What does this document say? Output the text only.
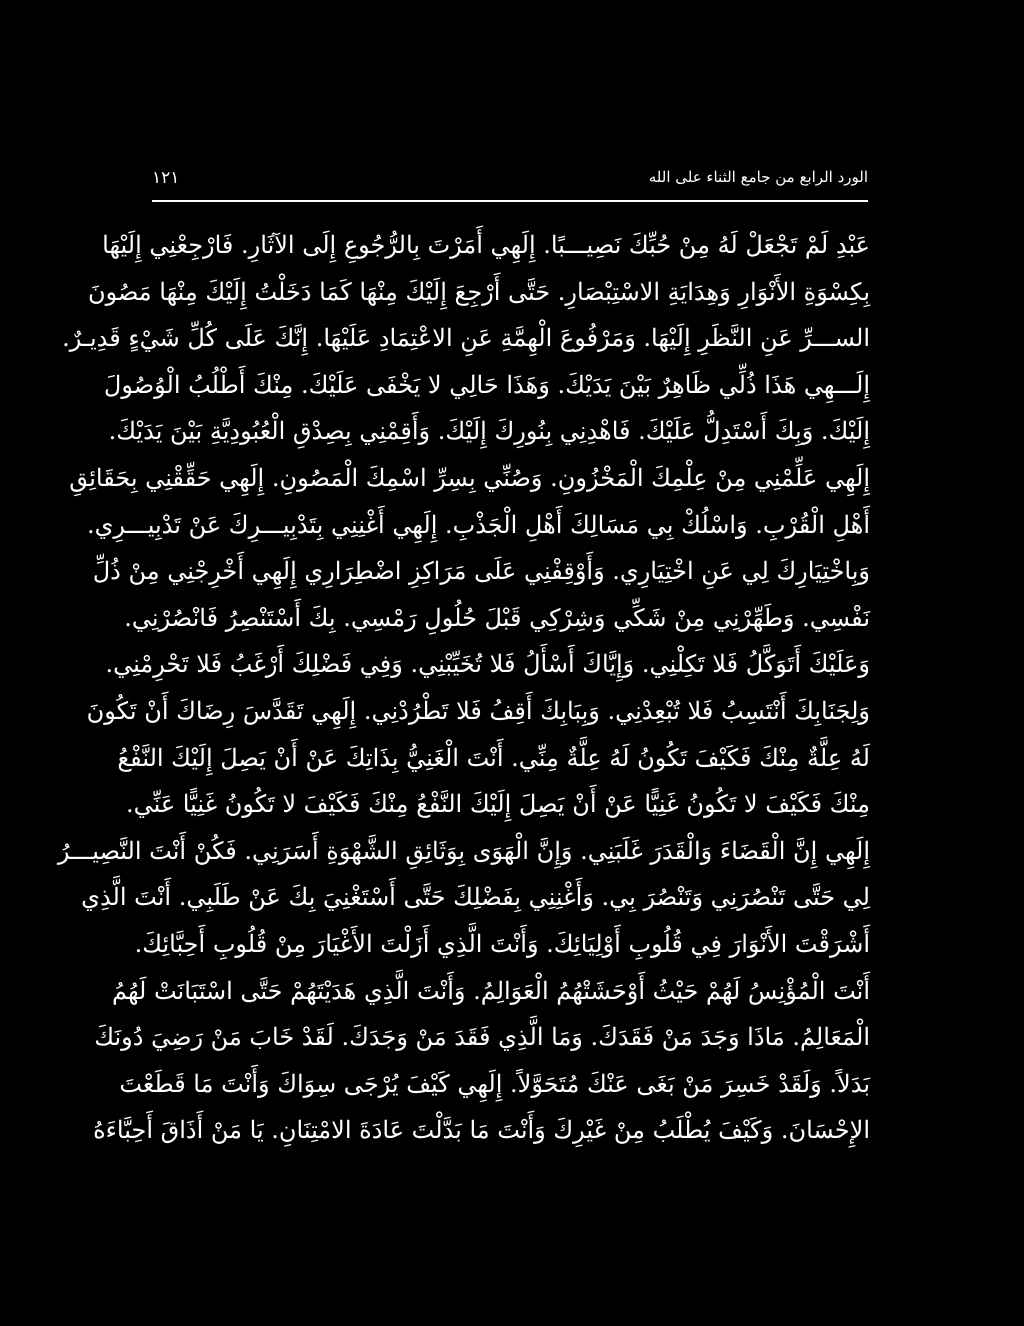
الورد الرابع من جامع الثناء على الله
١٢١
عَبْدِ لَمْ تَجْعَلْ لَهُ مِنْ حُبِّكَ نَصِيـــبًا. إِلَهِي أَمَرْتَ بِالرُّجُوعِ إِلَى الآثَارِ. فَارْجِعْنِي إِلَيْهَا
بِكِسْوَةِ الأَنْوَارِ وَهِدَايَةِ الاسْتِبْصَارِ. حَتَّى أَرْجِعَ إِلَيْكَ مِنْهَا كَمَا دَخَلْتُ إِلَيْكَ مِنْهَا مَصُونَ
الســـرِّ عَنِ النَّظَرِ إِلَيْهَا. وَمَرْفُوعَ الْهِمَّةِ عَنِ الاعْتِمَادِ عَلَيْهَا. إِنَّكَ عَلَى كُلِّ شَيْءٍ قَدِيـرٌ.
إِلَـــهِي هَذَا ذُلِّي ظَاهِرٌ بَيْنَ يَدَيْكَ. وَهَذَا حَالِي لا يَخْفَى عَلَيْكَ. مِنْكَ أَطْلُبُ الْوُصُولَ
إِلَيْكَ. وَبِكَ أَسْتَدِلُّ عَلَيْكَ. فَاهْدِنِي بِنُورِكَ إِلَيْكَ. وَأَقِمْنِي بِصِدْقِ الْعُبُودِيَّةِ بَيْنَ يَدَيْكَ.
إِلَهِي عَلِّمْنِي مِنْ عِلْمِكَ الْمَخْزُونِ. وَصُنِّي بِسِرِّ اسْمِكَ الْمَصُونِ. إِلَهِي حَقِّقْنِي بِحَقَائِقِ
أَهْلِ الْقُرْبِ. وَاسْلُكْ بِي مَسَالِكَ أَهْلِ الْجَذْبِ. إِلَهِي أَغْنِنِي بِتَدْبِيـــرِكَ عَنْ تَدْبِيـــرِي.
وَبِاخْتِيَارِكَ لِي عَنِ اخْتِيَارِي. وَأَوْقِفْنِي عَلَى مَرَاكِزِ اضْطِرَارِي إِلَهِي أَخْرِجْنِي مِنْ ذُلِّ
نَفْسِي. وَطَهِّرْنِي مِنْ شَكِّي وَشِرْكِي قَبْلَ حُلُولِ رَمْسِي. بِكَ أَسْتَنْصِرُ فَانْصُرْنِي.
وَعَلَيْكَ أَتَوَكَّلُ فَلا تَكِلْنِي. وَإِيَّاكَ أَسْأَلُ فَلا تُخَيِّبْنِي. وَفِي فَضْلِكَ أَرْغَبُ فَلا تَحْرِمْنِي.
وَلِجَنَابِكَ أَنْتَسِبُ فَلا تُبْعِدْنِي. وَبِبَابِكَ أَقِفُ فَلا تَطْرُدْنِي. إِلَهِي تَقَدَّسَ رِضَاكَ أَنْ تَكُونَ
لَهُ عِلَّةٌ مِنْكَ فَكَيْفَ تَكُونُ لَهُ عِلَّةٌ مِنِّي. أَنْتَ الْغَنِيُّ بِذَاتِكَ عَنْ أَنْ يَصِلَ إِلَيْكَ النَّفْعُ
مِنْكَ فَكَيْفَ لا تَكُونُ غَنِيًّا عَنْ أَنْ يَصِلَ إِلَيْكَ النَّفْعُ مِنْكَ فَكَيْفَ لا تَكُونُ غَنِيًّا عَنِّي.
إِلَهِي إِنَّ الْقَضَاءَ وَالْقَدَرَ غَلَبَنِي. وَإِنَّ الْهَوَى بِوَثَائِقِ الشَّهْوَةِ أَسَرَنِي. فَكُنْ أَنْتَ النَّصِيـــرُ
لِي حَتَّى تَنْصُرَنِي وَتَنْصُرَ بِي. وَأَغْنِنِي بِفَضْلِكَ حَتَّى أَسْتَغْنِيَ بِكَ عَنْ طَلَبِي. أَنْتَ الَّذِي
أَشْرَقْتَ الأَنْوَارَ فِي قُلُوبِ أَوْلِيَائِكَ. وَأَنْتَ الَّذِي أَزَلْتَ الأَغْيَارَ مِنْ قُلُوبِ أَحِبَّائِكَ.
أَنْتَ الْمُؤْنِسُ لَهُمْ حَيْثُ أَوْحَشَتْهُمُ الْعَوَالِمُ. وَأَنْتَ الَّذِي هَدَيْتَهُمْ حَتَّى اسْتَبَانَتْ لَهُمُ
الْمَعَالِمُ. مَاذَا وَجَدَ مَنْ فَقَدَكَ. وَمَا الَّذِي فَقَدَ مَنْ وَجَدَكَ. لَقَدْ خَابَ مَنْ رَضِيَ دُونَكَ
بَدَلاً. وَلَقَدْ خَسِرَ مَنْ بَغَى عَنْكَ مُتَحَوَّلاً. إِلَهِي كَيْفَ يُرْجَى سِوَاكَ وَأَنْتَ مَا قَطَعْتَ
الإِحْسَانَ. وَكَيْفَ يُطْلَبُ مِنْ غَيْرِكَ وَأَنْتَ مَا بَدَّلْتَ عَادَةَ الامْتِنَانِ. يَا مَنْ أَذَاقَ أَحِبَّاءَهُ
